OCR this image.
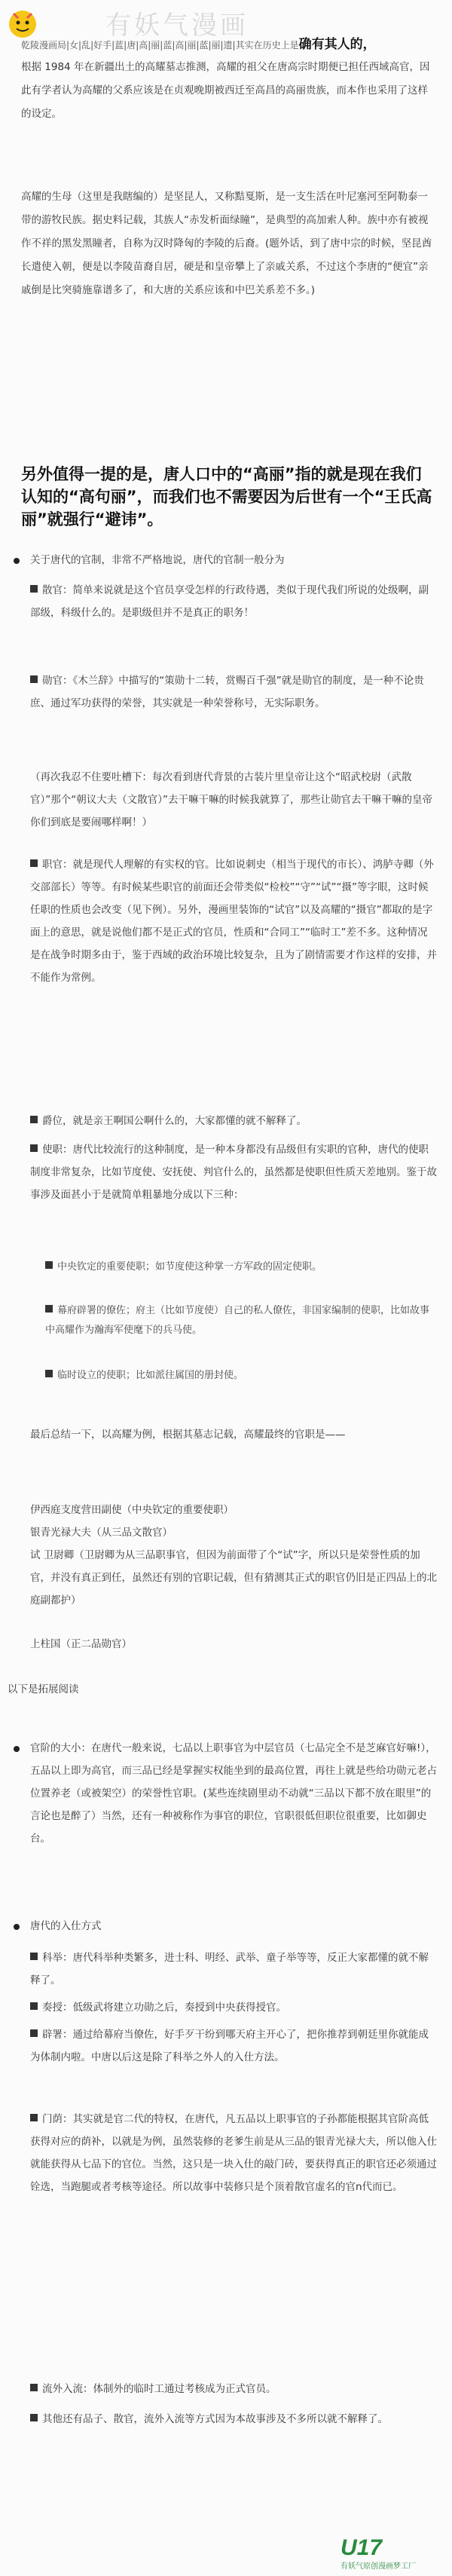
有妖气漫画
乾陵漫画局|女|乱|好手|蓝|唐|高|丽|蓝|高|丽|蓝|丽|遗|其实在历史上是确有其人的，
根据 1984 年在新疆出土的高耀墓志推测，高耀的祖父在唐高宗时期便已担任西域高官，因此有学者认为高耀的父系应该是在贞观晚期被西迁至高昌的高丽贵族，而本作也采用了这样的设定。
高耀的生母（这里是我瞎编的）是坚昆人，又称黠戛斯，是一支生活在叶尼塞河至阿勒泰一带的游牧民族。据史料记载，其族人“赤发析面绿瞳”，是典型的高加索人种。族中亦有被视作不祥的黑发黑瞳者，自称为汉时降匈的李陵的后裔。(题外话，到了唐中宗的时候，坚昆酋长遣使入朝，便是以李陵苗裔自居，硬是和皇帝攀上了亲戚关系，不过这个李唐的“便宜”亲戚倒是比突骑施靠谱多了，和大唐的关系应该和中巴关系差不多。)
另外值得一提的是，唐人口中的“高丽”指的就是现在我们认知的“高句丽”，而我们也不需要因为后世有一个“王氏高丽”就强行“避讳”。
关于唐代的官制，非常不严格地说，唐代的官制一般分为
散官：简单来说就是这个官员享受怎样的行政待遇，类似于现代我们所说的处级啊，副部级，科级什么的。是职级但并不是真正的职务！
勋官：《木兰辞》中描写的“策勋十二转，赏赐百千强”就是勋官的制度，是一种不论贵庶、通过军功获得的荣誉，其实就是一种荣誉称号，无实际职务。
（再次我忍不住要吐槽下：每次看到唐代背景的古装片里皇帝让这个“昭武校尉（武散官）”那个“朝议大夫（文散官）”去干嘛干嘛的时候我就算了，那些让勋官去干嘛干嘛的皇帝你们到底是要闹哪样啊！）
职官：就是现代人理解的有实权的官。比如说刺史（相当于现代的市长）、鸿胪寺卿（外交部部长）等等。有时候某些职官的前面还会带类似“检校”“守”“试”“摄”等字眼，这时候任职的性质也会改变（见下例）。另外，漫画里装饰的“试官”以及高耀的“摄官”都取的是字面上的意思，就是说他们都不是正式的官员，性质和“合同工”“临时工”差不多。这种情况是在战争时期多由于，鉴于西域的政治环境比较复杂，且为了剧情需要才作这样的安排，并不能作为常例。
爵位，就是亲王啊国公啊什么的，大家都懂的就不解释了。
使职：唐代比较流行的这种制度，是一种本身都没有品级但有实职的官种，唐代的使职制度非常复杂，比如节度使、安抚使、判官什么的，虽然都是使职但性质天差地别。鉴于故事涉及面甚小于是就简单粗暴地分成以下三种：
中央钦定的重要使职；如节度使这种掌一方军政的固定使职。
幕府辟署的僚佐；府主（比如节度使）自己的私人僚佐，非国家编制的使职，比如故事中高耀作为瀚海军使麾下的兵马使。
临时设立的使职；比如派往属国的册封使。
最后总结一下，以高耀为例，根据其墓志记载，高耀最终的官职是——
伊西庭支度营田副使（中央钦定的重要使职）
银青光禄大夫（从三品文散官）
试 卫尉卿（卫尉卿为从三品职事官，但因为前面带了个“试”字，所以只是荣誉性质的加官，并没有真正到任，虽然还有别的官职记载，但有猜测其正式的职官仍旧是正四品上的北庭副都护）
上柱国（正二品勋官）
以下是拓展阅读
官阶的大小：在唐代一般来说，七品以上职事官为中层官员（七品完全不是芝麻官好嘛!），五品以上即为高官，而三品已经是掌握实权能坐到的最高位置，再往上就是些给功勋元老占位置养老（或被架空）的荣誉性官职。(某些连续剧里动不动就“三品以下都不放在眼里”的言论也是醉了）当然，还有一种被称作为事官的职位，官职很低但职位很重要，比如御史台。
唐代的入仕方式
科举：唐代科举种类繁多，进士科、明经、武举、童子举等等，反正大家都懂的就不解释了。
奏授：低级武将建立功勋之后，奏授到中央获得授官。
辟署：通过给幕府当僚佐，好手歹干纷到哪天府主开心了，把你推荐到朝廷里你就能成为体制内啦。中唐以后这是除了科举之外人的入仕方法。
门荫：其实就是官二代的特权，在唐代，凡五品以上职事官的子孙都能根据其官阶高低获得对应的荫补，以就是为例，虽然装修的老爹生前是从三品的银青光禄大夫，所以他入仕就能获得从七品下的官位。当然，这只是一块入仕的敲门砖，要获得真正的职官还必须通过铨选，当跑腿或者考核等途径。所以故事中装修只是个顶着散官虚名的官n代而已。
流外入流：体制外的临时工通过考核成为正式官员。
其他还有品子、散官，流外入流等方式因为本故事涉及不多所以就不解释了。
U17
有妖气原创漫画梦工厂
